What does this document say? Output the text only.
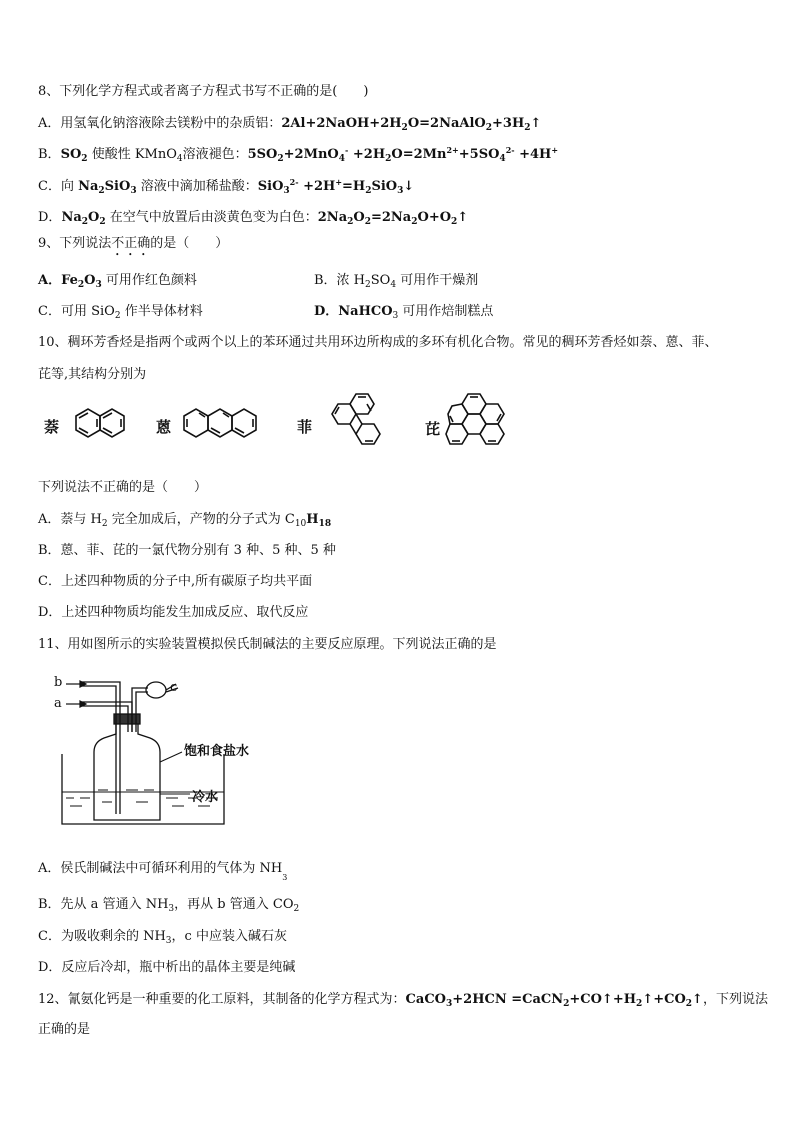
8、下列化学方程式或者离子方程式书写不正确的是(　　)
A．用氢氧化钠溶液除去镁粉中的杂质铝：$2Al+2NaOH+2H_2O=2NaAlO_2+3H_2↑$
B．$SO_2$ 使酸性 KMnO$_4$溶液褪色：$5SO_2+2MnO_4^- +2H_2O=2Mn^{2+}+5SO_4^{2-} +4H^+$
C．向 $Na_2SiO_3$ 溶液中滴加稀盐酸：$SiO_3^{2-} +2H^+=H_2SiO_3↓$
D．$Na_2O_2$ 在空气中放置后由淡黄色变为白色：$2Na_2O_2=2Na_2O+O_2↑$
9、下列说法不正确的是（　　）
A．$Fe_2O_3$ 可用作红色颜料	B．浓 $H_2SO_4$ 可用作干燥剂
C．可用 SiO$_2$ 作半导体材料	D．NaHCO$_3$ 可用作焙制糕点
10、稠环芳香烃是指两个或两个以上的苯环通过共用环边所构成的多环有机化合物。常见的稠环芳香烃如萘、蒽、菲、
芘等,其结构分别为
萘	蒽	菲	芘
下列说法不正确的是（　　）
A．萘与 $H_2$ 完全加成后，产物的分子式为 $C_{10}H_{18}$
B．蒽、菲、芘的一氯代物分别有 3 种、5 种、5 种
C．上述四种物质的分子中,所有碳原子均共平面
D．上述四种物质均能发生加成反应、取代反应
11、用如图所示的实验装置模拟侯氏制碱法的主要反应原理。下列说法正确的是
b
a
c
饱和食盐水
冷水
A．侯氏制碱法中可循环利用的气体为 $NH_3$
B．先从 a 管通入 $NH_3$，再从 b 管通入 $CO_2$
C．为吸收剩余的 $NH_3$，c 中应装入碱石灰
D．反应后冷却，瓶中析出的晶体主要是纯碱
12、氰氨化钙是一种重要的化工原料，其制备的化学方程式为：CaCO$_3$+2HCN $=CaCN_2+CO↑+H_2↑+CO_2↑$，下列说法
正确的是
